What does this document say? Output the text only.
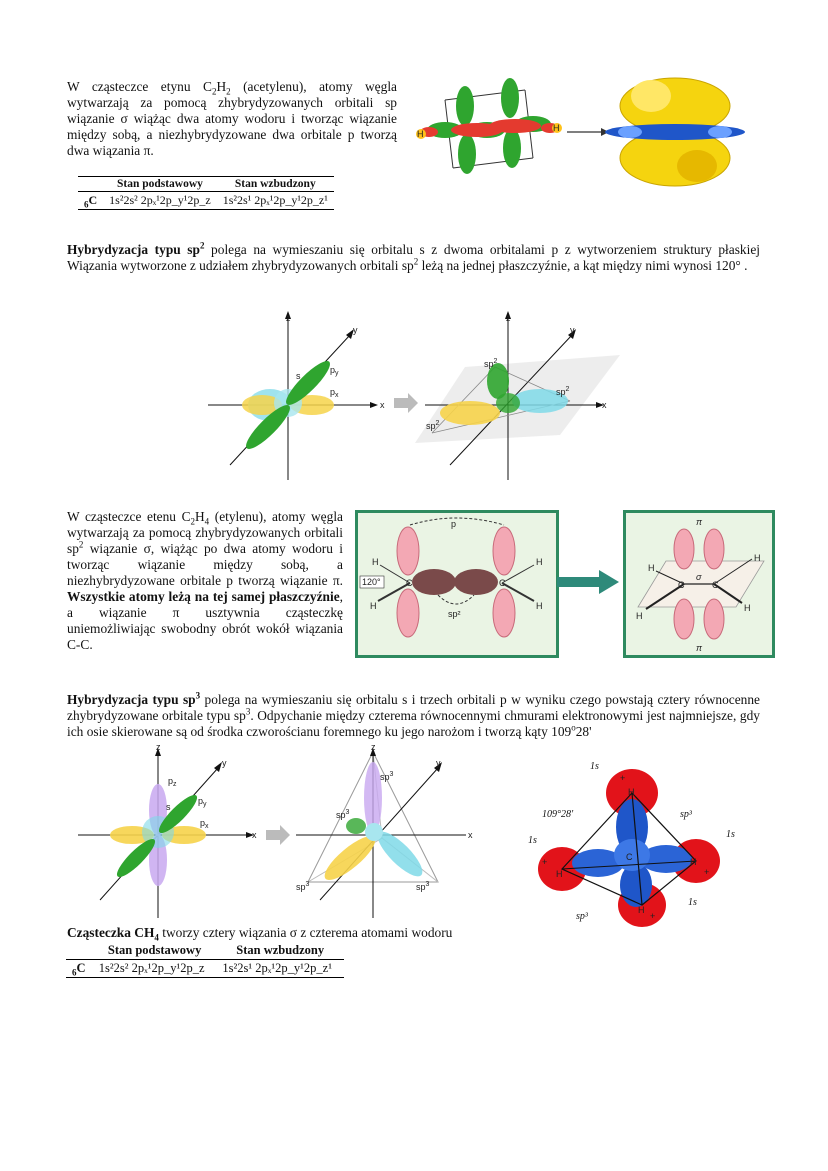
W cząsteczce etynu $C_2H_2$ (acetylenu), atomy węgla wytwarzają za pomocą zhybrydyzowanych orbitali sp wiązanie σ wiążąc dwa atomy wodoru i tworząc wiązanie między sobą, a niezhybrydyzowane dwa orbitale p tworzą dwa wiązania π.
	Stan podstawowy	Stan wzbudzony
$_6$C	1s²2s² 2pₓ¹2p_y¹2p_z	1s²2s¹ 2pₓ¹2p_y¹2p_z¹
H
H
Hybrydyzacja typu $sp^2$ polega na wymieszaniu się orbitalu s z dwoma orbitalami p z wytworzeniem struktury płaskiej Wiązania wytworzone z udziałem zhybrydyzowanych orbitali $sp^2$ leżą na jednej płaszczyźnie, a kąt między nimi wynosi 120° .
z
y
x
s
$p_y$
$p_x$
z
y
x
$sp^2$
$sp^2$
$sp^2$
W cząsteczce etenu $C_2H_4$ (etylenu), atomy węgla wytwarzają za pomocą zhybrydyzowanych orbitali $sp^2$ wiązanie σ, wiążąc po dwa atomy wodoru i tworząc wiązanie między sobą, a niezhybrydyzowane orbitale p tworzą wiązanie π. Wszystkie atomy leżą na tej samej płaszczyźnie, a wiązanie π usztywnia cząsteczkę uniemożliwiając swobodny obrót wokół wiązania C-C.
p
C	C
H
H
H
H
120°
sp²
C	C
σ
π
π
H
H
H
H
Hybrydyzacja typu $sp^3$ polega na wymieszaniu się orbitalu s i trzech orbitali p w wyniku czego powstają cztery równocenne zhybrydyzowane orbitale typu $sp^3$. Odpychanie między czterema równocennymi chmurami elektronowymi jest najmniejsze, gdy ich osie skierowane są od środka czworościanu foremnego ku jego narożom i tworzą kąty 109$^o$28'
z
y
x
s
$p_z$
$p_y$
$p_x$
z
y
x
$sp^3$
$sp^3$
$sp^3$	$sp^3$
H
H
H
H
C
+
+
+
+
1s
1s
1s
1s
109°28′	sp³
sp³
Cząsteczka $CH_4$ tworzy cztery wiązania σ z czterema atomami wodoru
	Stan podstawowy	Stan wzbudzony
$_6$C	1s²2s² 2pₓ¹2p_y¹2p_z	1s²2s¹ 2pₓ¹2p_y¹2p_z¹
